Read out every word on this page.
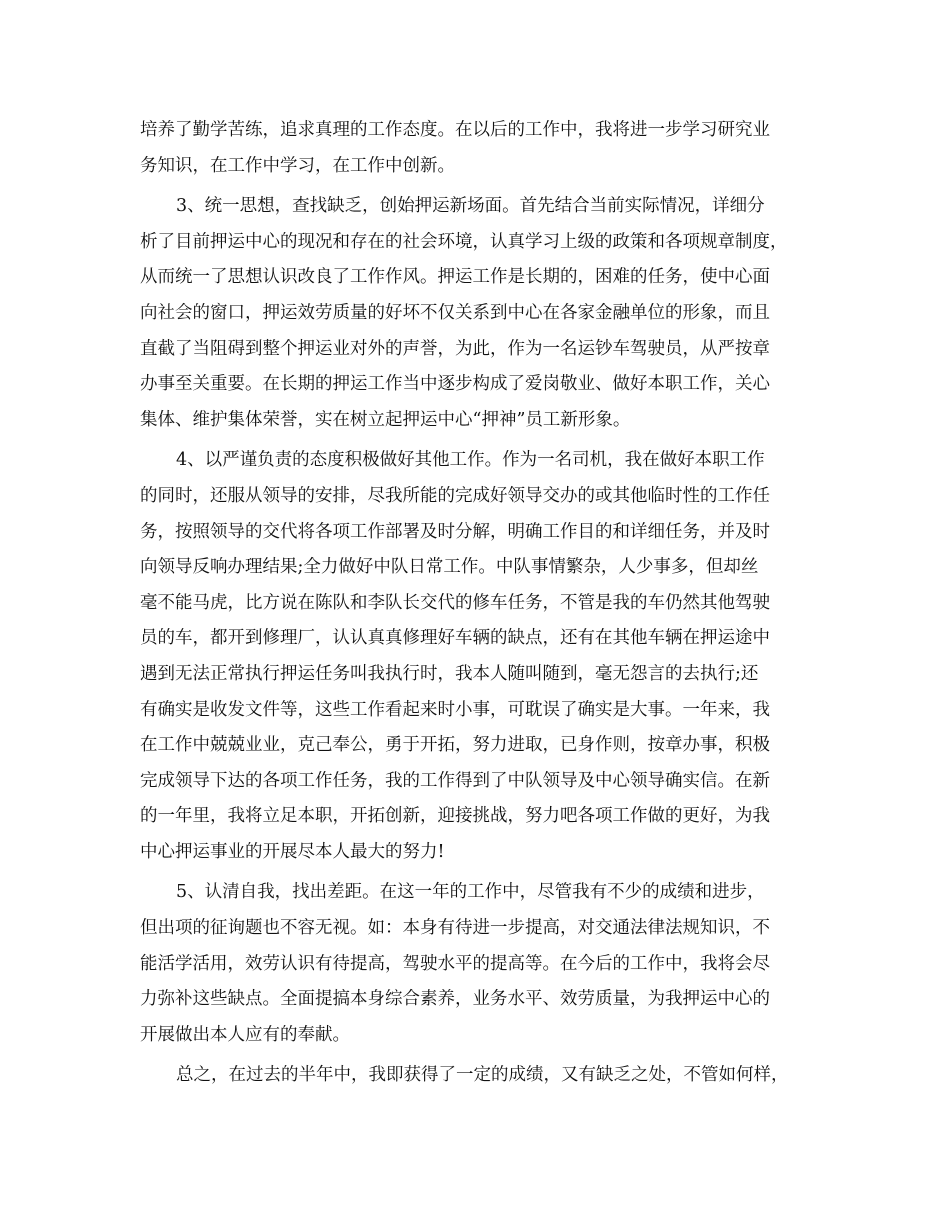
培养了勤学苦练，追求真理的工作态度。在以后的工作中，我将进一步学习研究业
务知识，在工作中学习，在工作中创新。
3、统一思想，查找缺乏，创始押运新场面。首先结合当前实际情况，详细分
析了目前押运中心的现况和存在的社会环境，认真学习上级的政策和各项规章制度，
从而统一了思想认识改良了工作作风。押运工作是长期的，困难的任务，使中心面
向社会的窗口，押运效劳质量的好坏不仅关系到中心在各家金融单位的形象，而且
直截了当阻碍到整个押运业对外的声誉，为此，作为一名运钞车驾驶员，从严按章
办事至关重要。在长期的押运工作当中逐步构成了爱岗敬业、做好本职工作，关心
集体、维护集体荣誉，实在树立起押运中心“押神”员工新形象。
4、以严谨负责的态度积极做好其他工作。作为一名司机，我在做好本职工作
的同时，还服从领导的安排，尽我所能的完成好领导交办的或其他临时性的工作任
务，按照领导的交代将各项工作部署及时分解，明确工作目的和详细任务，并及时
向领导反响办理结果;全力做好中队日常工作。中队事情繁杂，人少事多，但却丝
毫不能马虎，比方说在陈队和李队长交代的修车任务，不管是我的车仍然其他驾驶
员的车，都开到修理厂，认认真真修理好车辆的缺点，还有在其他车辆在押运途中
遇到无法正常执行押运任务叫我执行时，我本人随叫随到，毫无怨言的去执行;还
有确实是收发文件等，这些工作看起来时小事，可耽误了确实是大事。一年来，我
在工作中兢兢业业，克己奉公，勇于开拓，努力进取，已身作则，按章办事，积极
完成领导下达的各项工作任务，我的工作得到了中队领导及中心领导确实信。在新
的一年里，我将立足本职，开拓创新，迎接挑战，努力吧各项工作做的更好，为我
中心押运事业的开展尽本人最大的努力!
5、认清自我，找出差距。在这一年的工作中，尽管我有不少的成绩和进步，
但出项的征询题也不容无视。如：本身有待进一步提高，对交通法律法规知识，不
能活学活用，效劳认识有待提高，驾驶水平的提高等。在今后的工作中，我将会尽
力弥补这些缺点。全面提搞本身综合素养，业务水平、效劳质量，为我押运中心的
开展做出本人应有的奉献。
总之，在过去的半年中，我即获得了一定的成绩，又有缺乏之处，不管如何样，
